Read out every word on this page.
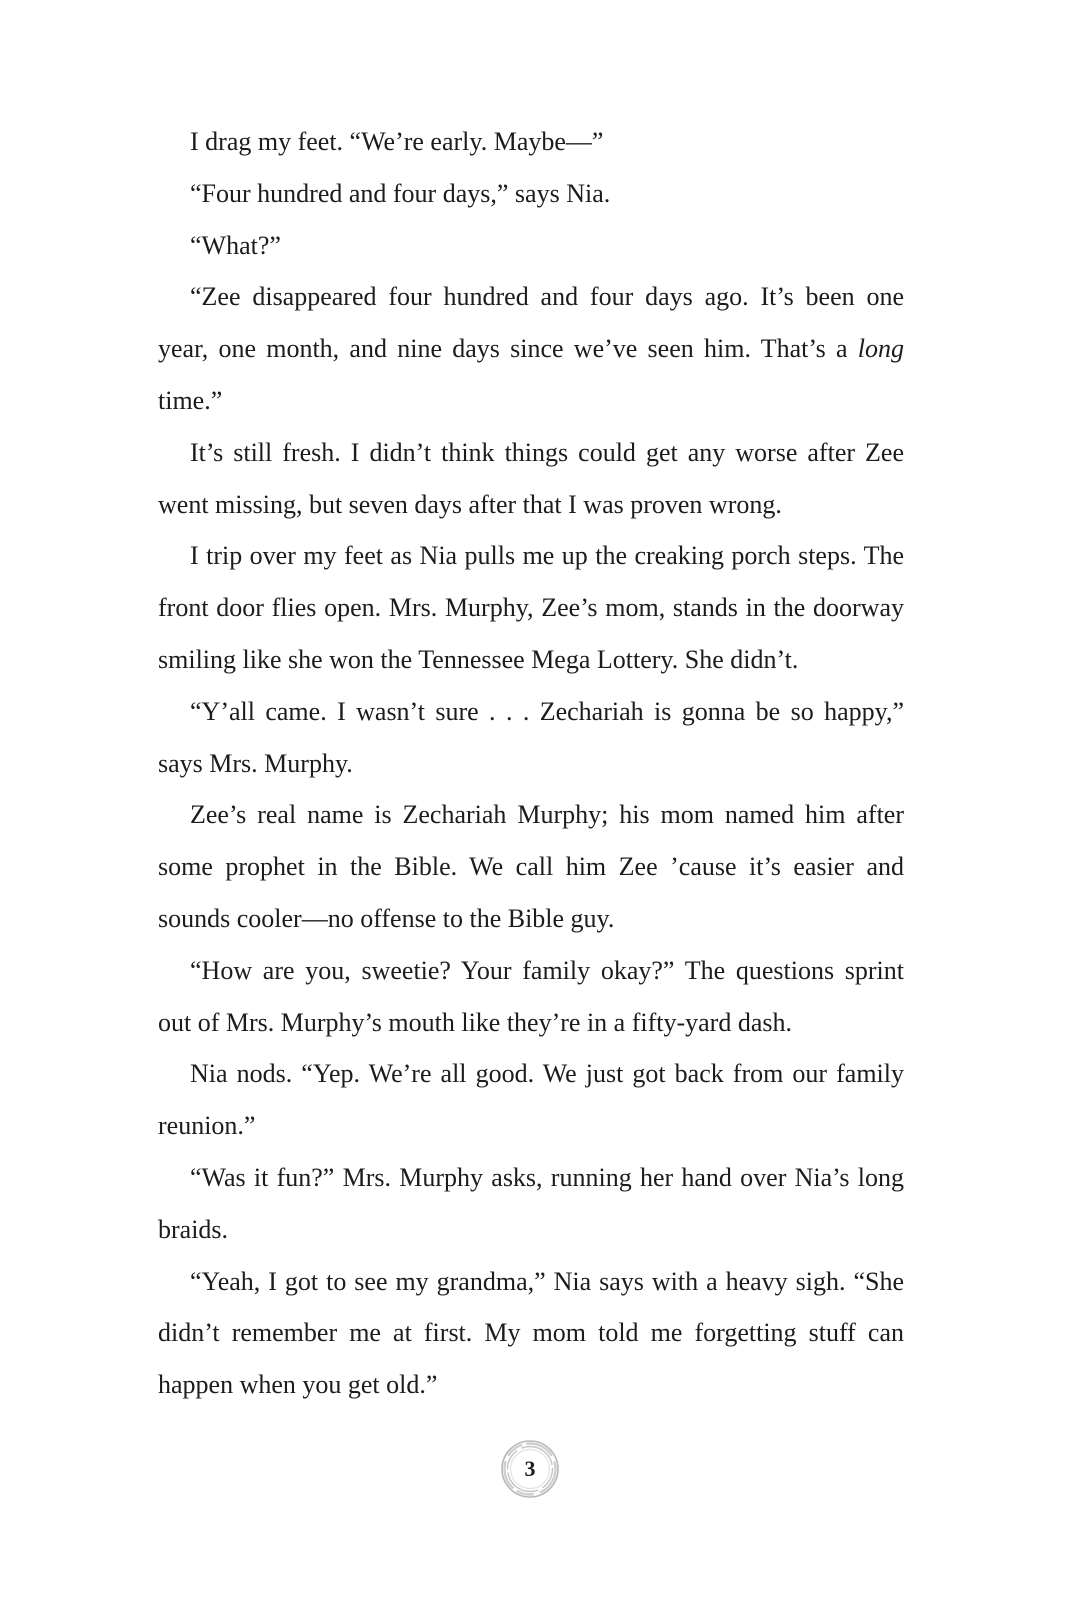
I drag my feet. “We’re early. Maybe—”

“Four hundred and four days,” says Nia.

“What?”

“Zee disappeared four hundred and four days ago. It’s been one year, one month, and nine days since we’ve seen him. That’s a long time.”

It’s still fresh. I didn’t think things could get any worse after Zee went missing, but seven days after that I was proven wrong.

I trip over my feet as Nia pulls me up the creaking porch steps. The front door flies open. Mrs. Murphy, Zee’s mom, stands in the doorway smiling like she won the Tennessee Mega Lottery. She didn’t.

“Y’all came. I wasn’t sure . . . Zechariah is gonna be so happy,” says Mrs. Murphy.

Zee’s real name is Zechariah Murphy; his mom named him after some prophet in the Bible. We call him Zee ’cause it’s easier and sounds cooler—no offense to the Bible guy.

“How are you, sweetie? Your family okay?” The questions sprint out of Mrs. Murphy’s mouth like they’re in a fifty-yard dash.

Nia nods. “Yep. We’re all good. We just got back from our family reunion.”

“Was it fun?” Mrs. Murphy asks, running her hand over Nia’s long braids.

“Yeah, I got to see my grandma,” Nia says with a heavy sigh. “She didn’t remember me at first. My mom told me forgetting stuff can happen when you get old.”

3
